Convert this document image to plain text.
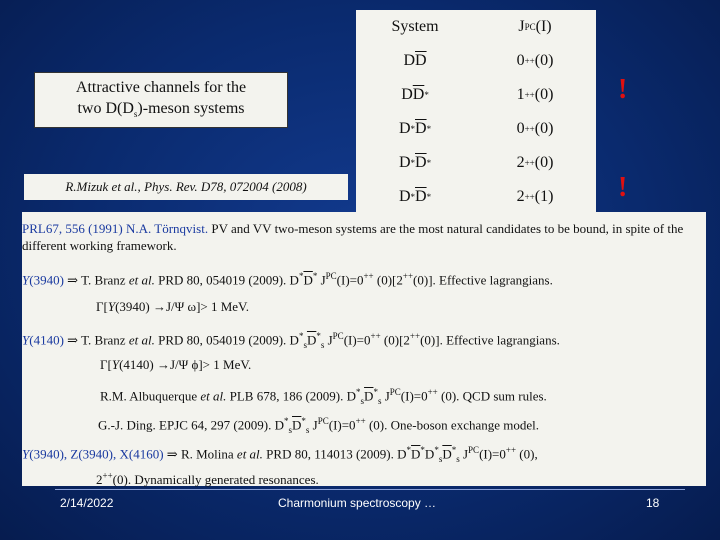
System	J PC (I)
D $\overline{D}$	0 ++ (0)
D $\overline{D}$ *	1 ++ (0)
D * $\overline{D}$ *	0 ++ (0)
D * $\overline{D}$ *	2 ++ (0)
D * $\overline{D}$ *	2 ++ (1)
!
!
Attractive channels for the
two $D(D_s)$-meson systems
R.Mizuk et al., Phys. Rev. D78, 072004 (2008)

PRL67, 556 (1991) N.A. Törnqvist. PV and VV two-meson systems are the most natural candidates to be bound, in spite of the different working framework.

Y(3940) ⇒ T. Branz et al. PRD 80, 054019 (2009). $D^*\overline{D}^*$ $J^{PC}(I)=0^{++}$ (0)[2++(0)]. Effective lagrangians.

Γ[Y(3940) →J/Ψ ω]> 1 MeV.

Y(4140) ⇒ T. Branz et al. PRD 80, 054019 (2009). $D^*_s\overline{D}^*_s$ $J^{PC}(I)=0^{++}$ (0)[2++(0)]. Effective lagrangians.

Γ[Y(4140) →J/Ψ ϕ]> 1 MeV.

R.M. Albuquerque et al. PLB 678, 186 (2009). $D^*_s\overline{D}^*_s$ $J^{PC}(I)=0^{++}$ (0). QCD sum rules.

G.-J. Ding. EPJC 64, 297 (2009). $D^*_s\overline{D}^*_s$ $J^{PC}(I)=0^{++}$ (0). One-boson exchange model.

Y(3940), Z(3940), X(4160) ⇒ R. Molina et al. PRD 80, 114013 (2009). $D^*\overline{D}^*D^*_s\overline{D}^*_s$ $J^{PC}(I)=0^{++}$ (0),
2++(0). Dynamically generated resonances.

2/14/2022	Charmonium spectroscopy …	18
